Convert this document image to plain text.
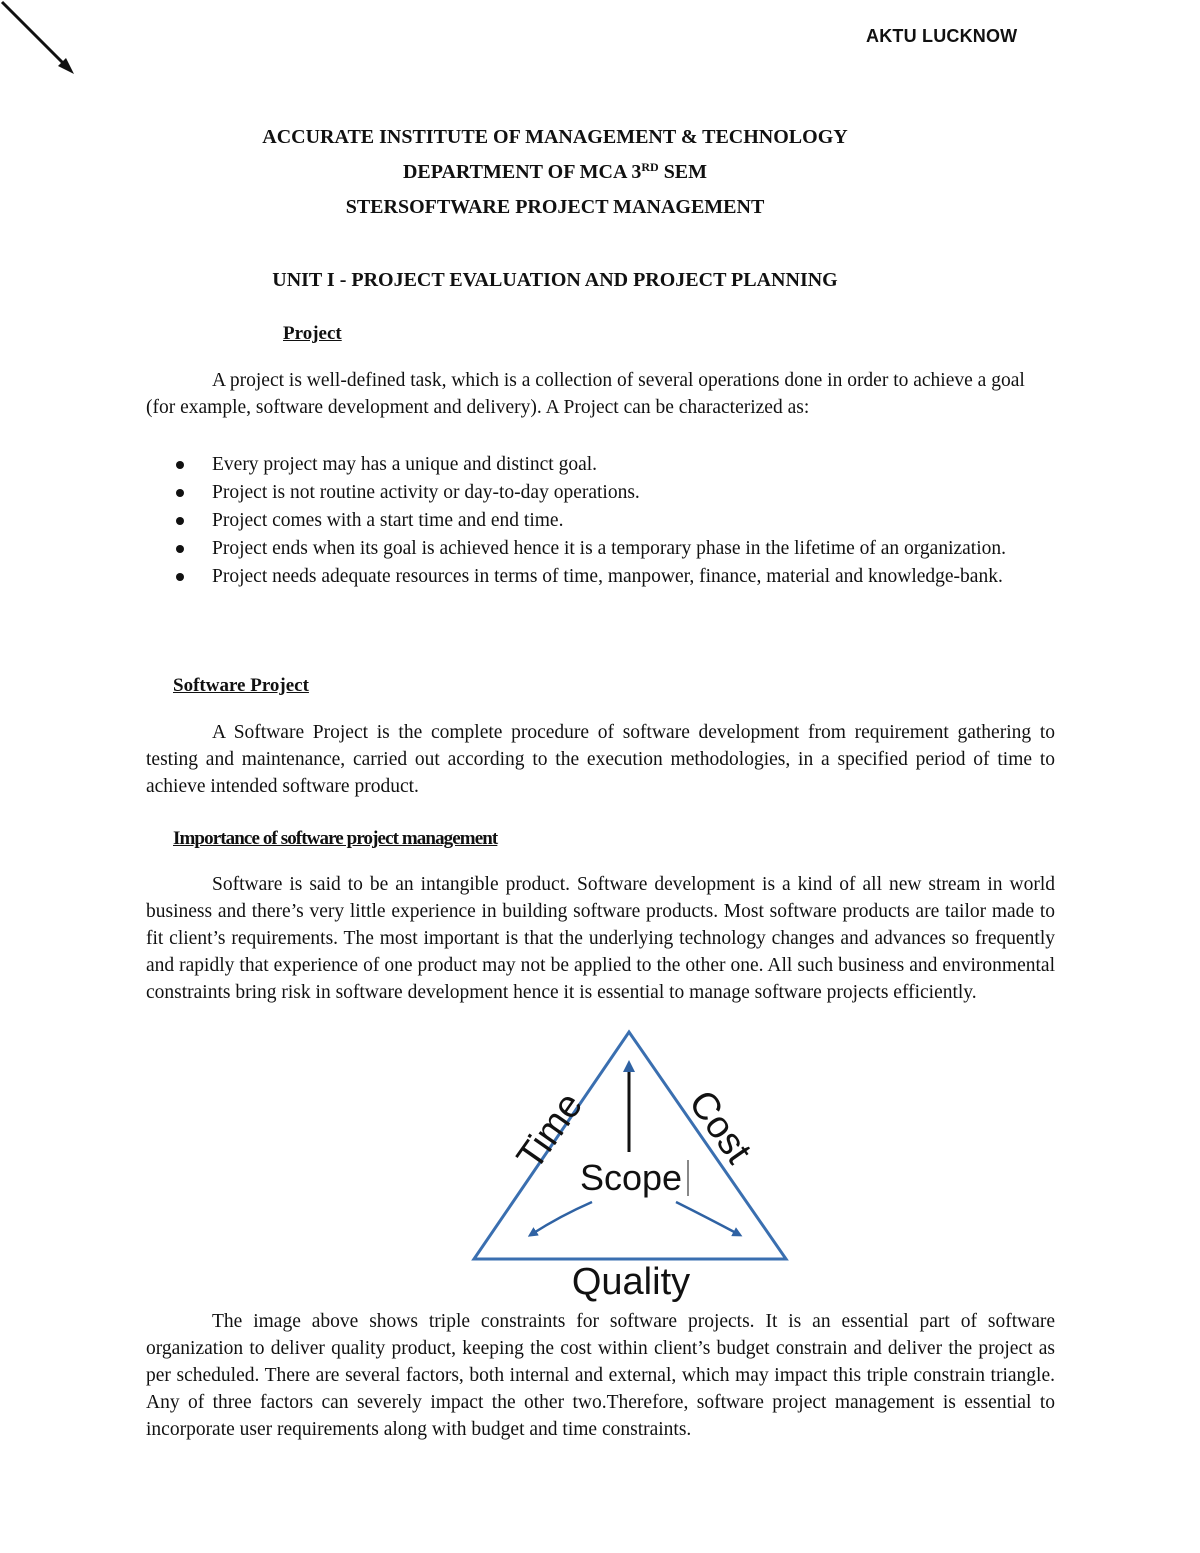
AKTU LUCKNOW
ACCURATE INSTITUTE OF MANAGEMENT & TECHNOLOGY
DEPARTMENT OF MCA 3RD SEM
STERSOFTWARE PROJECT MANAGEMENT
UNIT I - PROJECT EVALUATION AND PROJECT PLANNING
Project

A project is well-defined task, which is a collection of several operations done in order to achieve a goal (for example, software development and delivery). A Project can be characterized as:

Every project may has a unique and distinct goal.
Project is not routine activity or day-to-day operations.
Project comes with a start time and end time.
Project ends when its goal is achieved hence it is a temporary phase in the lifetime of an organization.
Project needs adequate resources in terms of time, manpower, finance, material and knowledge-bank.
Software Project

A Software Project is the complete procedure of software development from requirement gathering to testing and maintenance, carried out according to the execution methodologies, in a specified period of time to achieve intended software product.

Importance of software project management

Software is said to be an intangible product. Software development is a kind of all new stream in world business and there’s very little experience in building software products. Most software products are tailor made to fit client’s requirements. The most important is that the underlying technology changes and advances so frequently and rapidly that experience of one product may not be applied to the other one. All such business and environmental constraints bring risk in software development hence it is essential to manage software projects efficiently.

Time Cost
Scope
Quality

The image above shows triple constraints for software projects. It is an essential part of software organization to deliver quality product, keeping the cost within client’s budget constrain and deliver the project as per scheduled. There are several factors, both internal and external, which may impact this triple constrain triangle. Any of three factors can severely impact the other two.Therefore, software project management is essential to incorporate user requirements along with budget and time constraints.
